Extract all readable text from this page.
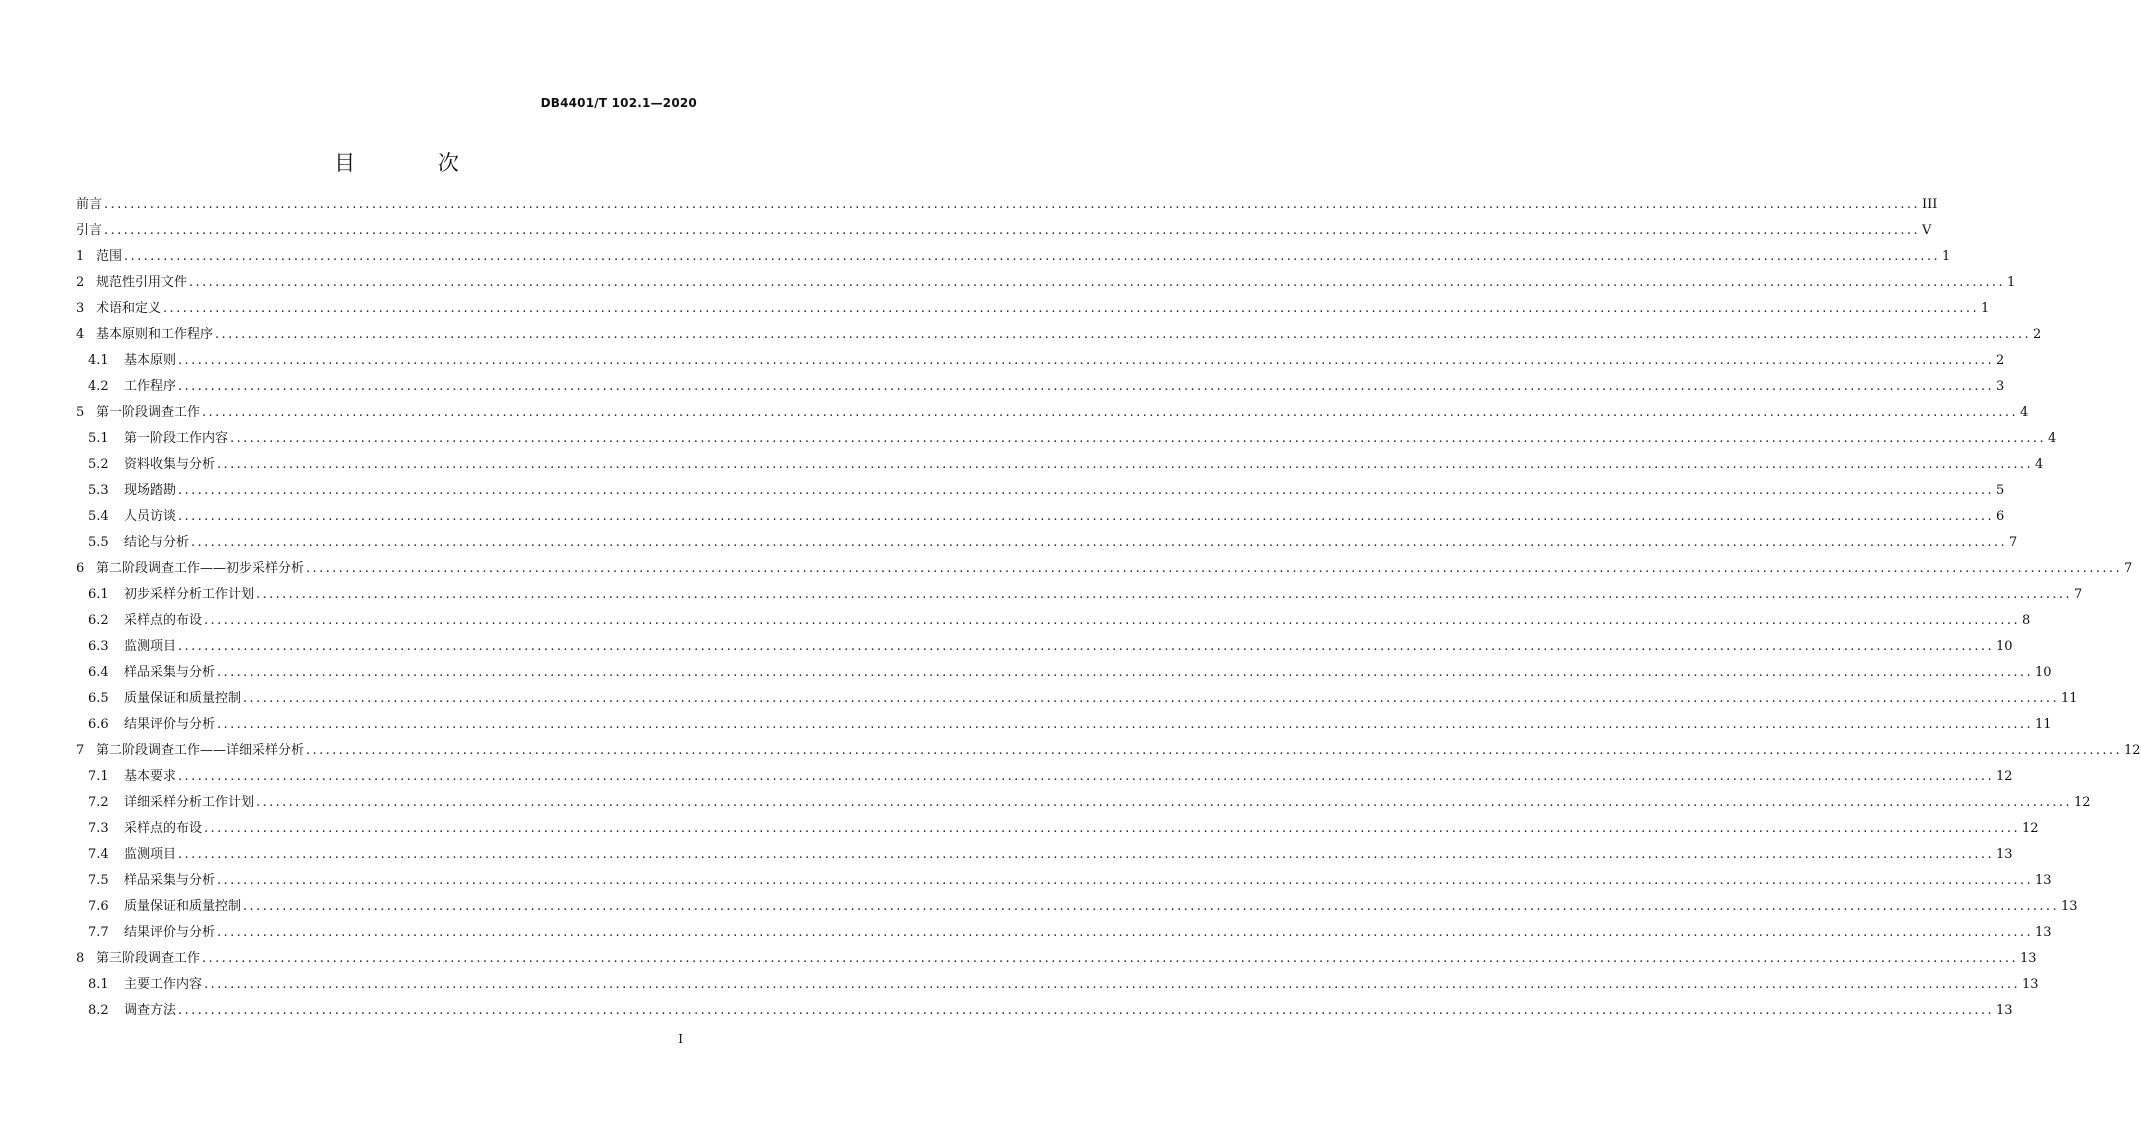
DB4401/T 102.1—2020
目 次
前言 ...................................................................................................................................................................................................................................................................................... III
引言 ...................................................................................................................................................................................................................................................................................... V
1 范围 ...................................................................................................................................................................................................................................................................................... 1
2 规范性引用文件 ...................................................................................................................................................................................................................................................................................... 1
3 术语和定义 ...................................................................................................................................................................................................................................................................................... 1
4 基本原则和工作程序 ...................................................................................................................................................................................................................................................................................... 2
4.1 基本原则 ...................................................................................................................................................................................................................................................................................... 2
4.2 工作程序 ...................................................................................................................................................................................................................................................................................... 3
5 第一阶段调查工作 ...................................................................................................................................................................................................................................................................................... 4
5.1 第一阶段工作内容 ...................................................................................................................................................................................................................................................................................... 4
5.2 资料收集与分析 ...................................................................................................................................................................................................................................................................................... 4
5.3 现场踏勘 ...................................................................................................................................................................................................................................................................................... 5
5.4 人员访谈 ...................................................................................................................................................................................................................................................................................... 6
5.5 结论与分析 ...................................................................................................................................................................................................................................................................................... 7
6 第二阶段调查工作——初步采样分析 ...................................................................................................................................................................................................................................................................................... 7
6.1 初步采样分析工作计划 ...................................................................................................................................................................................................................................................................................... 7
6.2 采样点的布设 ...................................................................................................................................................................................................................................................................................... 8
6.3 监测项目 ...................................................................................................................................................................................................................................................................................... 10
6.4 样品采集与分析 ...................................................................................................................................................................................................................................................................................... 10
6.5 质量保证和质量控制 ...................................................................................................................................................................................................................................................................................... 11
6.6 结果评价与分析 ...................................................................................................................................................................................................................................................................................... 11
7 第二阶段调查工作——详细采样分析 ...................................................................................................................................................................................................................................................................................... 12
7.1 基本要求 ...................................................................................................................................................................................................................................................................................... 12
7.2 详细采样分析工作计划 ...................................................................................................................................................................................................................................................................................... 12
7.3 采样点的布设 ...................................................................................................................................................................................................................................................................................... 12
7.4 监测项目 ...................................................................................................................................................................................................................................................................................... 13
7.5 样品采集与分析 ...................................................................................................................................................................................................................................................................................... 13
7.6 质量保证和质量控制 ...................................................................................................................................................................................................................................................................................... 13
7.7 结果评价与分析 ...................................................................................................................................................................................................................................................................................... 13
8 第三阶段调查工作 ...................................................................................................................................................................................................................................................................................... 13
8.1 主要工作内容 ...................................................................................................................................................................................................................................................................................... 13
8.2 调查方法 ...................................................................................................................................................................................................................................................................................... 13
I
